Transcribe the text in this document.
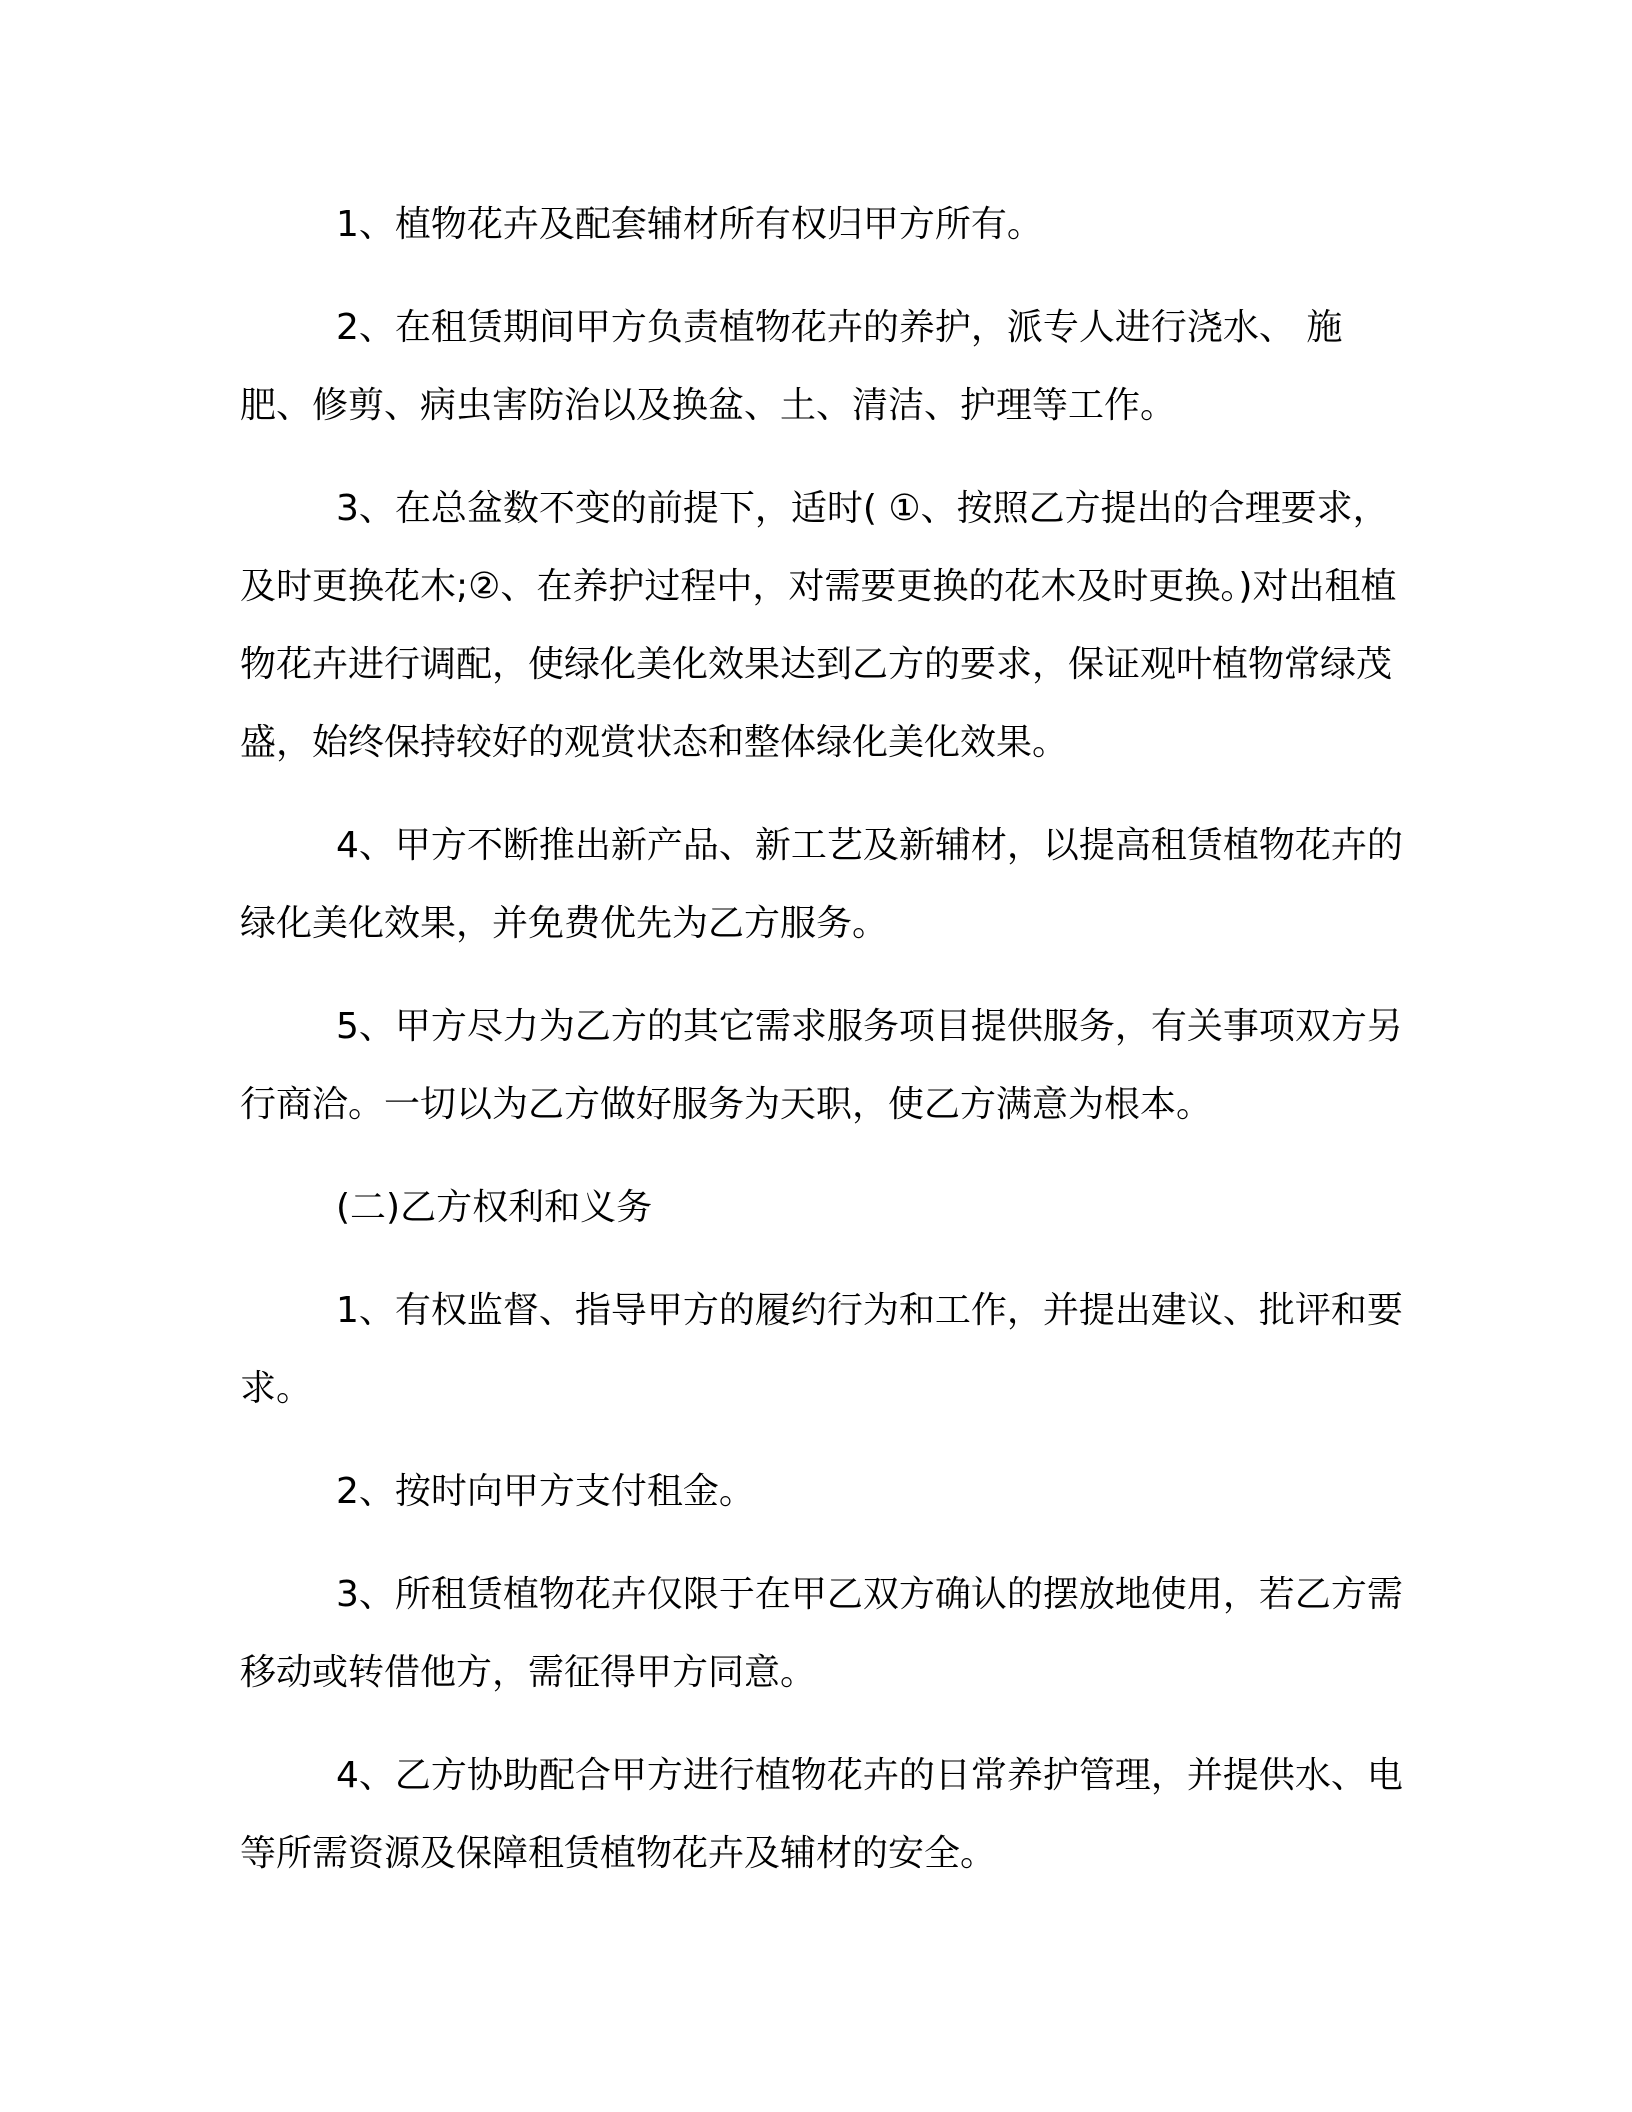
1、植物花卉及配套辅材所有权归甲方所有。

2、在租赁期间甲方负责植物花卉的养护，派专人进行浇水、 施肥、修剪、病虫害防治以及换盆、土、清洁、护理等工作。

3、在总盆数不变的前提下，适时( ①、按照乙方提出的合理要求，及时更换花木;②、在养护过程中，对需要更换的花木及时更换。)对出租植物花卉进行调配，使绿化美化效果达到乙方的要求，保证观叶植物常绿茂盛，始终保持较好的观赏状态和整体绿化美化效果。

4、甲方不断推出新产品、新工艺及新辅材，以提高租赁植物花卉的绿化美化效果，并免费优先为乙方服务。

5、甲方尽力为乙方的其它需求服务项目提供服务，有关事项双方另行商洽。一切以为乙方做好服务为天职，使乙方满意为根本。

(二)乙方权利和义务

1、有权监督、指导甲方的履约行为和工作，并提出建议、批评和要求。

2、按时向甲方支付租金。

3、所租赁植物花卉仅限于在甲乙双方确认的摆放地使用，若乙方需移动或转借他方，需征得甲方同意。

4、乙方协助配合甲方进行植物花卉的日常养护管理，并提供水、电等所需资源及保障租赁植物花卉及辅材的安全。
